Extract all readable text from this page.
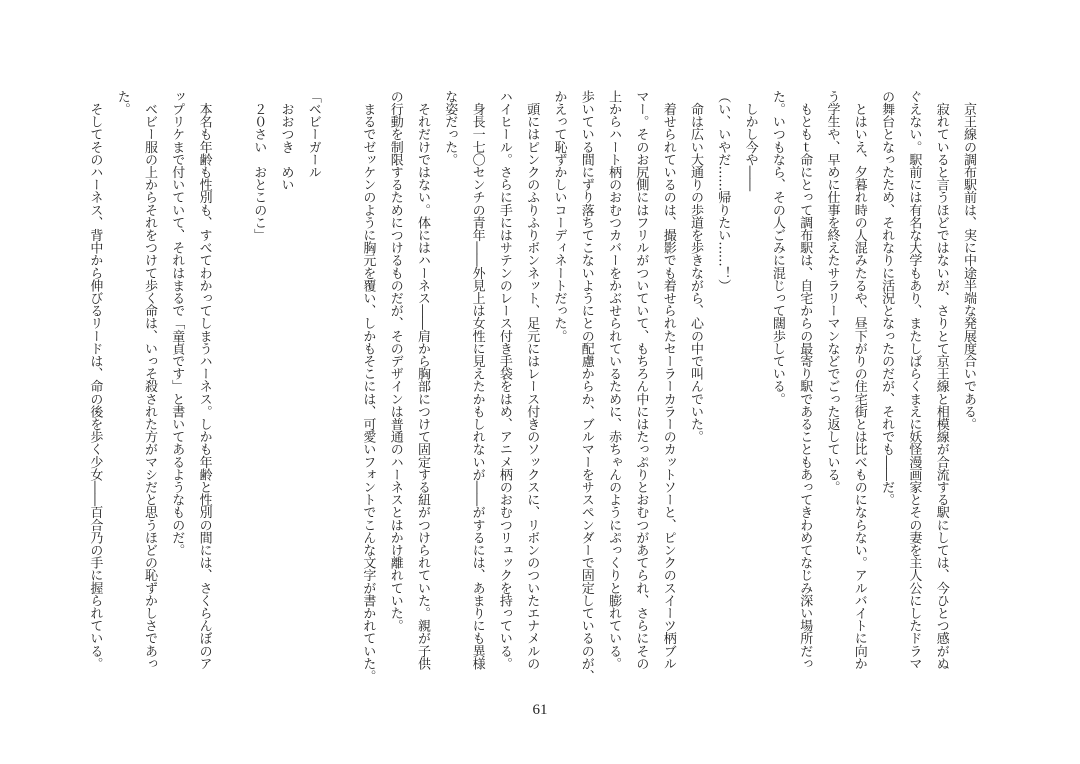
　京王線の調布駅前は、実に中途半端な発展度合いである。
　寂れていると言うほどではないが、さりとて京王線と相模線が合流する駅にしては、今ひとつ感がぬ
ぐえない。駅前には有名な大学もあり、またしばらくまえに妖怪漫画家とその妻を主人公にしたドラマ
の舞台となったため、それなりに活況となったのだが、それでも――だ。
　とはいえ、夕暮れ時の人混みたるや、昼下がりの住宅街とは比べものにならない。アルバイトに向か
う学生や、早めに仕事を終えたサラリーマンなどでごった返している。
　もともｔ命にとって調布駅は、自宅からの最寄り駅であることもあってきわめてなじみ深い場所だっ
た。いつもなら、その人ごみに混じって闊歩している。
　しかし今や――
（い、いやだ……帰りたい……！）
　命は広い大通りの歩道を歩きながら、心の中で叫んでいた。
　着せられているのは、撮影でも着せられたセーラーカラーのカットソーと、ピンクのスイーツ柄ブル
マー。そのお尻側にはフリルがついていて、もちろん中にはたっぷりとおむつがあてられ、さらにその
上からハート柄のおむつカバーをかぶせられているために、赤ちゃんのようにぷっくりと膨れている。
歩いている間にずり落ちてこないようにとの配慮からか、ブルマーをサスペンダーで固定しているのが、
かえって恥ずかしいコーディネートだった。
　頭にはピンクのふりふりボンネット、足元にはレース付きのソックスに、リボンのついたエナメルの
ハイヒール。さらに手にはサテンのレース付き手袋をはめ、アニメ柄のおむつリュックを持っている。
　身長一七〇センチの青年――外見上は女性に見えたかもしれないが――がするには、あまりにも異様
な姿だった。
　それだけではない。体にはハーネス――肩から胸部につけて固定する紐がつけられていた。親が子供
の行動を制限するためにつけるものだが、そのデザインは普通のハーネスとはかけ離れていた。
　まるでゼッケンのように胸元を覆い、しかもそこには、可愛いフォントでこんな文字が書かれていた。
「ベビーガール
　おおつき　めい
　２０さい　おとこのこ」
　本名も年齢も性別も、すべてわかってしまうハーネス。しかも年齢と性別の間には、さくらんぼのア
ップリケまで付いていて、それはまるで「童貞です」と書いてあるようなものだ。
　ベビー服の上からそれをつけて歩く命は、いっそ殺された方がマシだと思うほどの恥ずかしさであっ
た。
　そしてそのハーネス、背中から伸びるリードは、命の後を歩く少女――百合乃の手に握られている。
61
